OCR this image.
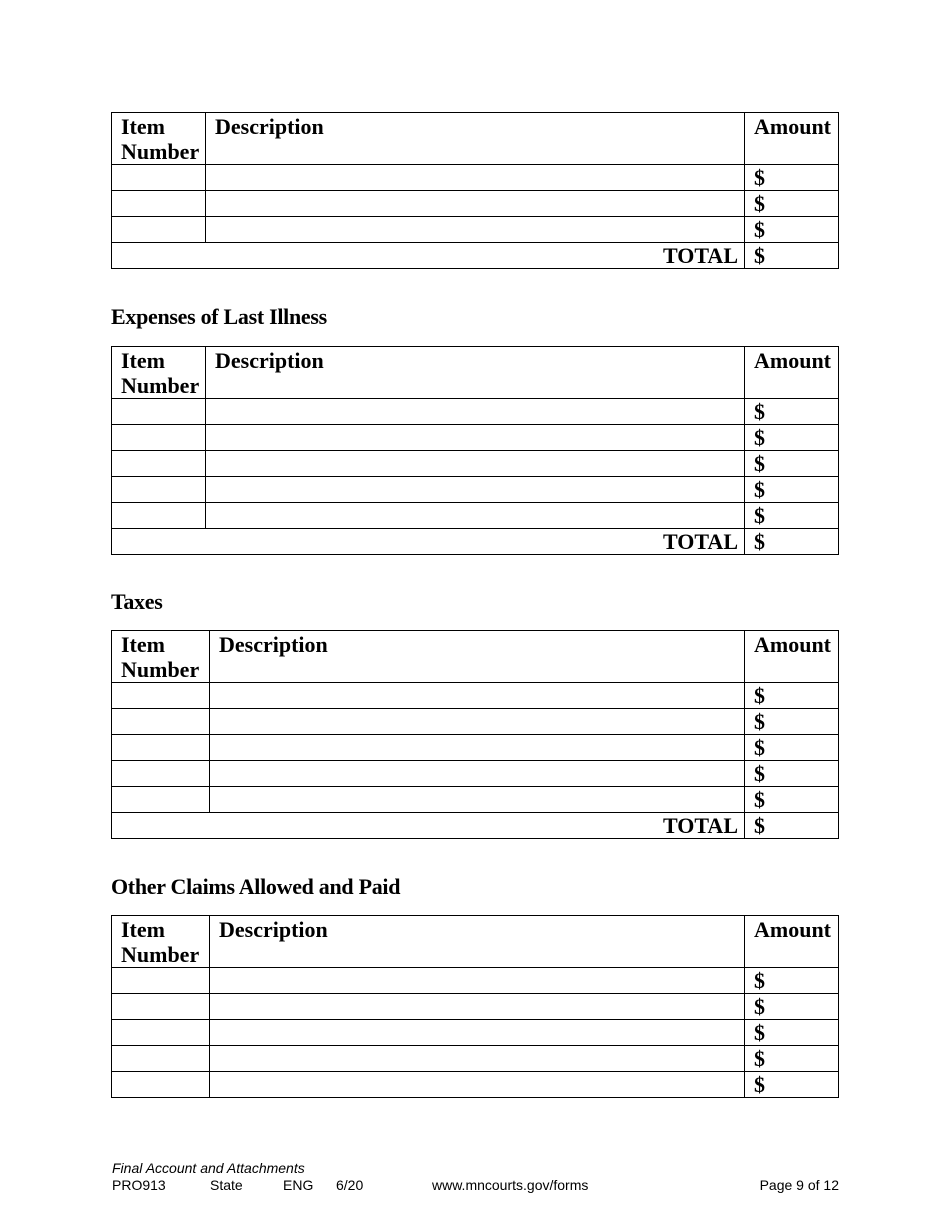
Item Number	Description	Amount
		$
		$
		$
TOTAL		$
Expenses of Last Illness
Item Number	Description	Amount
		$
		$
		$
		$
		$
TOTAL		$
Taxes
Item Number	Description	Amount
		$
		$
		$
		$
		$
TOTAL		$
Other Claims Allowed and Paid
Item Number	Description	Amount
		$
		$
		$
		$
		$
Final Account and Attachments
PRO913	State	ENG 6/20	www.mncourts.gov/forms	Page 9 of 12
